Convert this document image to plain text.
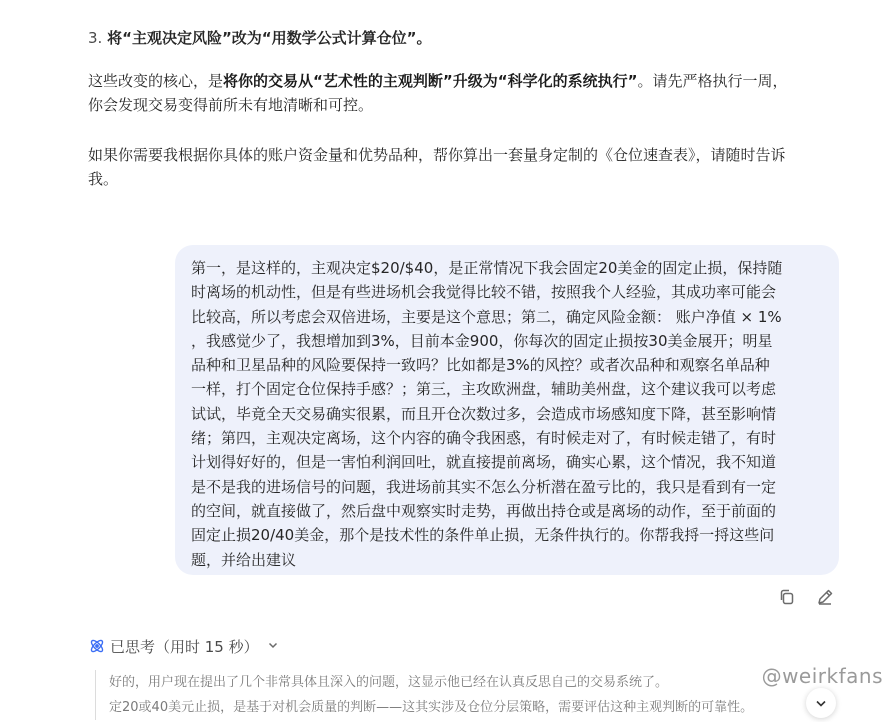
3. 将“主观决定风险”改为“用数学公式计算仓位”。
这些改变的核心，是将你的交易从“艺术性的主观判断”升级为“科学化的系统执行”。请先严格执行一周，
你会发现交易变得前所未有地清晰和可控。
如果你需要我根据你具体的账户资金量和优势品种，帮你算出一套量身定制的《仓位速查表》，请随时告诉
我。
第一，是这样的，主观决定$20/$40，是正常情况下我会固定20美金的固定止损，保持随
时离场的机动性，但是有些进场机会我觉得比较不错，按照我个人经验，其成功率可能会
比较高，所以考虑会双倍进场，主要是这个意思；第二，确定风险金额： 账户净值 × 1%
，我感觉少了，我想增加到3%，目前本金900，你每次的固定止损按30美金展开；明星
品种和卫星品种的风险要保持一致吗？比如都是3%的风控？或者次品种和观察名单品种
一样，打个固定仓位保持手感？；第三，主攻欧洲盘，辅助美州盘，这个建议我可以考虑
试试，毕竟全天交易确实很累，而且开仓次数过多，会造成市场感知度下降，甚至影响情
绪；第四，主观决定离场，这个内容的确令我困惑，有时候走对了，有时候走错了，有时
计划得好好的，但是一害怕利润回吐，就直接提前离场，确实心累，这个情况，我不知道
是不是我的进场信号的问题，我进场前其实不怎么分析潜在盈亏比的，我只是看到有一定
的空间，就直接做了，然后盘中观察实时走势，再做出持仓或是离场的动作，至于前面的
固定止损20/40美金，那个是技术性的条件单止损，无条件执行的。你帮我捋一捋这些问
题，并给出建议
已思考（用时 15 秒）
好的，用户现在提出了几个非常具体且深入的问题，这显示他已经在认真反思自己的交易系统了。
定20或40美元止损，是基于对机会质量的判断——这其实涉及仓位分层策略，需要评估这种主观判断的可靠性。
@weirkfans
